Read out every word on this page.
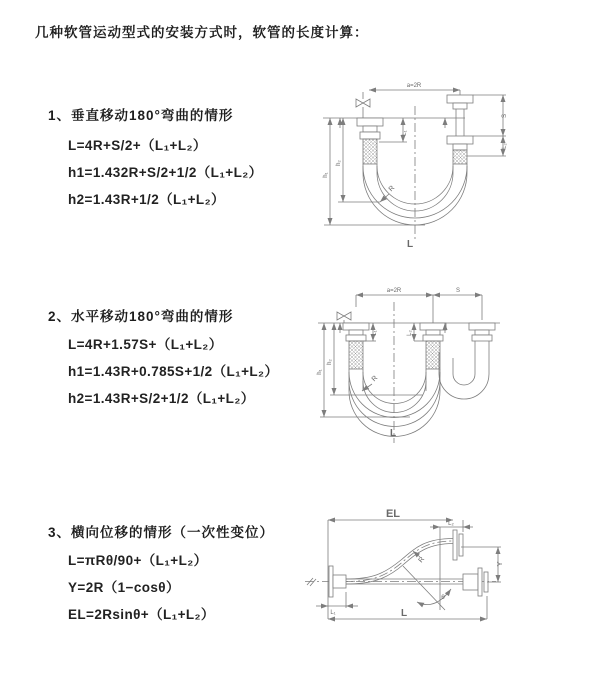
几种软管运动型式的安装方式时，软管的长度计算：
1、垂直移动180°弯曲的情形
L=4R+S/2+（L₁+L₂）
h1=1.432R+S/2+1/2（L₁+L₂）
h2=1.43R+1/2（L₁+L₂）
2、水平移动180°弯曲的情形
L=4R+1.57S+（L₁+L₂）
h1=1.43R+0.785S+1/2（L₁+L₂）
h2=1.43R+S/2+1/2（L₁+L₂）
3、横向位移的情形（一次性变位）
L=πRθ/90+（L₁+L₂）
Y=2R（1−cosθ）
EL=2Rsinθ+（L₁+L₂）
a=2R
L₁
S
L₂
h₁
h₂
R
L
a=2R	S
L₁	L₂
h₁
h₂
R
L
EL
L₂
Y
L₁	L
R
θ
